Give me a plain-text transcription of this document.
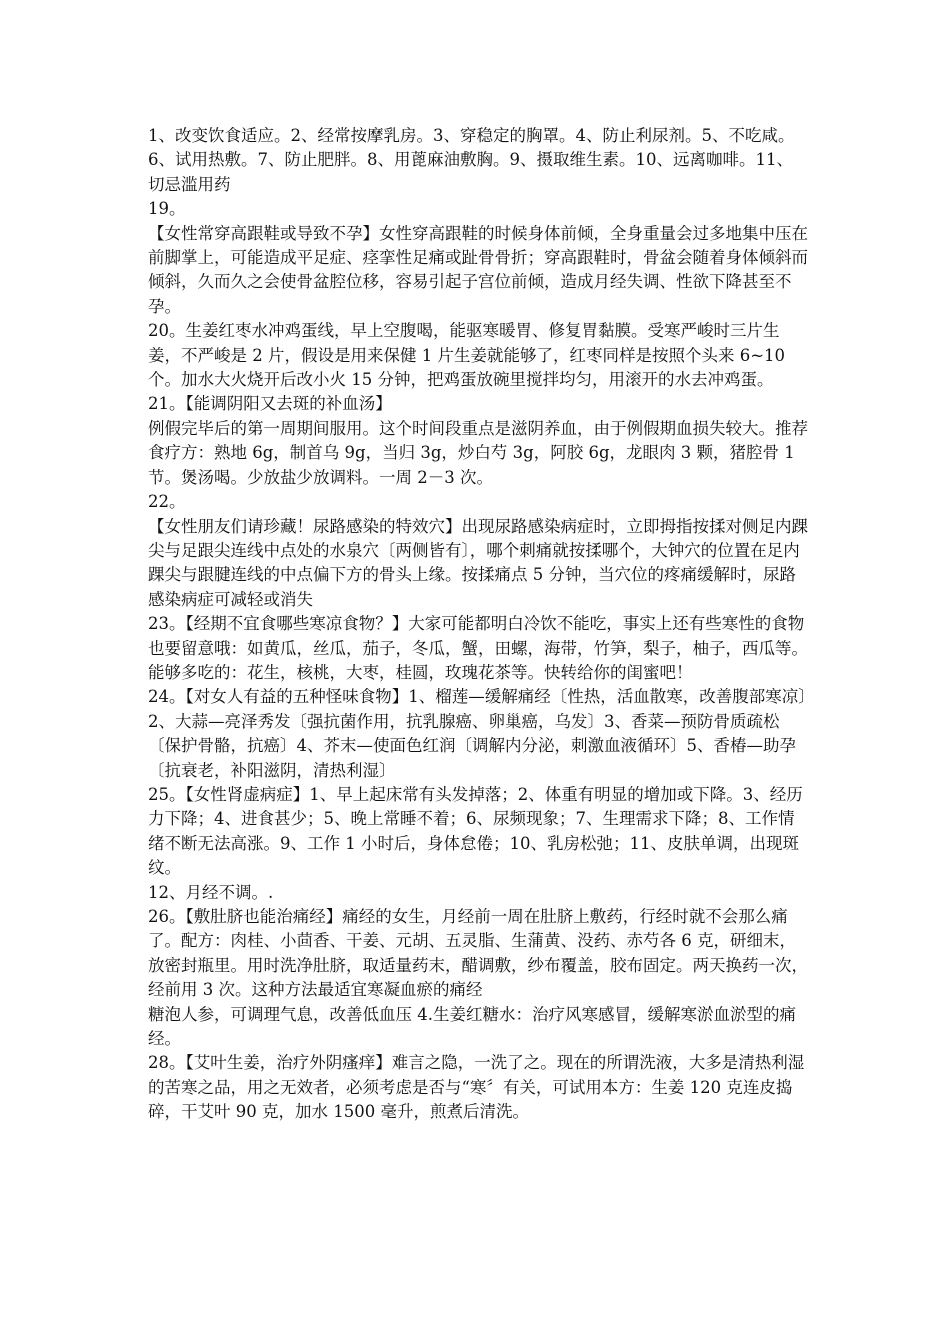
1、改变饮食适应。2、经常按摩乳房。3、穿稳定的胸罩。4、防止利尿剂。5、不吃咸。6、试用热敷。7、防止肥胖。8、用蓖麻油敷胸。9、摄取维生素。10、远离咖啡。11、切忌滥用药

19。

【女性常穿高跟鞋或导致不孕】女性穿高跟鞋的时候身体前倾，全身重量会过多地集中压在前脚掌上，可能造成平足症、痉挛性足痛或趾骨骨折；穿高跟鞋时，骨盆会随着身体倾斜而倾斜，久而久之会使骨盆腔位移，容易引起子宫位前倾，造成月经失调、性欲下降甚至不孕。

20。生姜红枣水冲鸡蛋线，早上空腹喝，能驱寒暖胃、修复胃黏膜。受寒严峻时三片生姜，不严峻是 2 片，假设是用来保健 1 片生姜就能够了，红枣同样是按照个头来 6~10 个。加水大火烧开后改小火 15 分钟，把鸡蛋放碗里搅拌均匀，用滚开的水去冲鸡蛋。

21。【能调阴阳又去斑的补血汤】

例假完毕后的第一周期间服用。这个时间段重点是滋阴养血，由于例假期血损失较大。推荐食疗方：熟地 6g，制首乌 9g，当归 3g，炒白芍 3g，阿胶 6g，龙眼肉 3 颗，猪腔骨 1 节。煲汤喝。少放盐少放调料。一周 2－3 次。

22。

【女性朋友们请珍藏！尿路感染的特效穴】出现尿路感染病症时，立即拇指按揉对侧足内踝尖与足跟尖连线中点处的水泉穴〔两侧皆有〕，哪个刺痛就按揉哪个，大钟穴的位置在足内踝尖与跟腱连线的中点偏下方的骨头上缘。按揉痛点 5 分钟，当穴位的疼痛缓解时，尿路感染病症可减轻或消失

23。【经期不宜食哪些寒凉食物？】大家可能都明白冷饮不能吃，事实上还有些寒性的食物也要留意哦：如黄瓜，丝瓜，茄子，冬瓜，蟹，田螺，海带，竹笋，梨子，柚子，西瓜等。能够多吃的：花生，核桃，大枣，桂圆，玫瑰花茶等。快转给你的闺蜜吧！

24。【对女人有益的五种怪味食物】1、榴莲—缓解痛经〔性热，活血散寒，改善腹部寒凉〕2、大蒜—亮泽秀发〔强抗菌作用，抗乳腺癌、卵巢癌，乌发〕3、香菜—预防骨质疏松〔保护骨骼，抗癌〕4、芥末—使面色红润〔调解内分泌，刺激血液循环〕5、香椿—助孕〔抗衰老，补阳滋阴，清热利湿〕

25。【女性肾虚病症】1、早上起床常有头发掉落；2、体重有明显的增加或下降。3、经历力下降；4、进食甚少；5、晚上常睡不着；6、尿频现象；7、生理需求下降；8、工作情绪不断无法高涨。9、工作 1 小时后，身体怠倦；10、乳房松弛；11、皮肤单调，出现斑纹。

12、月经不调。.

26。【敷肚脐也能治痛经】痛经的女生，月经前一周在肚脐上敷药，行经时就不会那么痛了。配方：肉桂、小茴香、干姜、元胡、五灵脂、生蒲黄、没药、赤芍各 6 克，研细末，放密封瓶里。用时洗净肚脐，取适量药末，醋调敷，纱布覆盖，胶布固定。两天换药一次，经前用 3 次。这种方法最适宜寒凝血瘀的痛经

糖泡人参，可调理气息，改善低血压 4.生姜红糖水：治疗风寒感冒，缓解寒淤血淤型的痛经。

28。【艾叶生姜，治疗外阴瘙痒】难言之隐，一洗了之。现在的所谓洗液，大多是清热利湿的苦寒之品，用之无效者，必须考虑是否与“寒〞有关，可试用本方：生姜 120 克连皮捣碎，干艾叶 90 克，加水 1500 毫升，煎煮后清洗。
